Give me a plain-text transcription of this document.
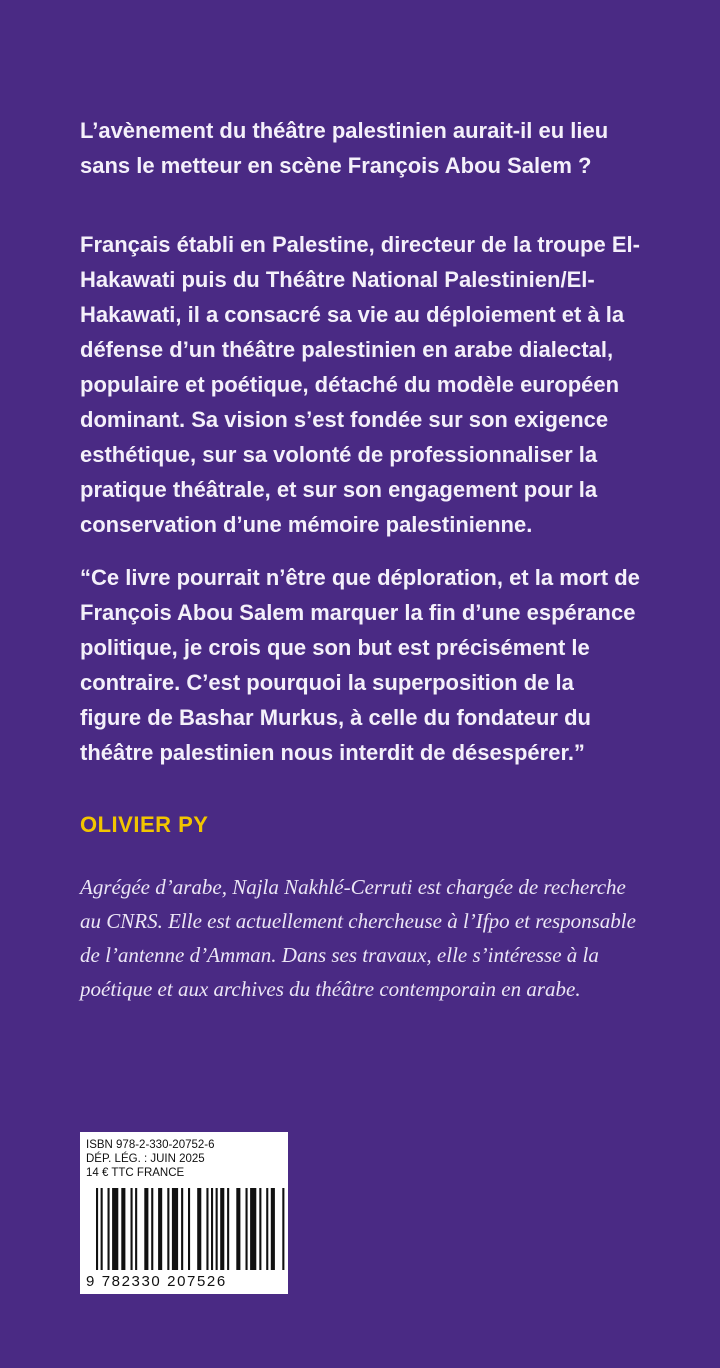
L’avènement du théâtre palestinien aurait-il eu lieu sans le metteur en scène François Abou Salem ?

Français établi en Palestine, directeur de la troupe El-Hakawati puis du Théâtre National Palestinien/El-Hakawati, il a consacré sa vie au déploiement et à la défense d’un théâtre palestinien en arabe dialectal, populaire et poétique, détaché du modèle européen dominant. Sa vision s’est fondée sur son exigence esthétique, sur sa volonté de professionnaliser la pratique théâtrale, et sur son engagement pour la conservation d’une mémoire palestinienne.

“Ce livre pourrait n’être que déploration, et la mort de François Abou Salem marquer la fin d’une espérance politique, je crois que son but est précisément le contraire. C’est pourquoi la superposition de la figure de Bashar Murkus, à celle du fondateur du théâtre palestinien nous interdit de désespérer.”

OLIVIER PY

Agrégée d’arabe, Najla Nakhlé-Cerruti est chargée de recherche au CNRS. Elle est actuellement chercheuse à l’Ifpo et responsable de l’antenne d’Amman. Dans ses travaux, elle s’intéresse à la poétique et aux archives du théâtre contemporain en arabe.

ISBN 978-2-330-20752-6
DÉP. LÉG. : JUIN 2025
14 € TTC FRANCE
9 782330 207526
